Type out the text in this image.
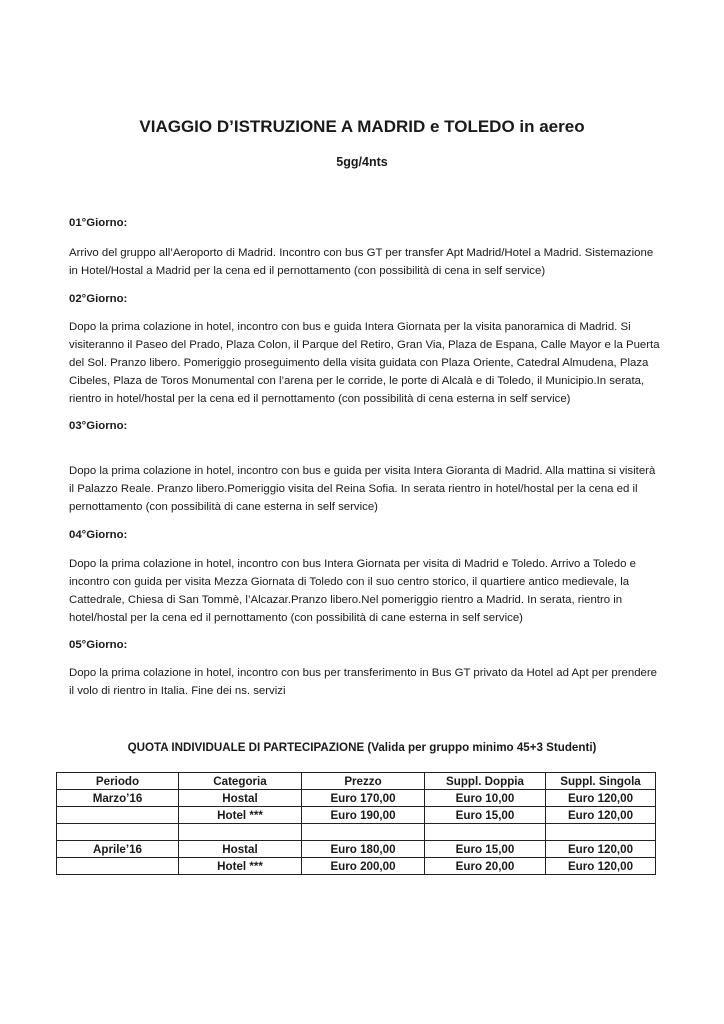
VIAGGIO D’ISTRUZIONE A MADRID e TOLEDO in aereo

5gg/4nts

01°Giorno:

Arrivo del gruppo all’Aeroporto di Madrid. Incontro con bus GT per transfer Apt Madrid/Hotel a Madrid. Sistemazione in Hotel/Hostal a Madrid per la cena ed il pernottamento (con possibilità di cena in self service)

02°Giorno:

Dopo la prima colazione in hotel, incontro con bus e guida Intera Giornata per la visita panoramica di Madrid. Si visiteranno il Paseo del Prado, Plaza Colon, il Parque del Retiro, Gran Via, Plaza de Espana, Calle Mayor e la Puerta del Sol. Pranzo libero. Pomeriggio proseguimento della visita guidata con Plaza Oriente, Catedral Almudena, Plaza Cibeles, Plaza de Toros Monumental con l’arena per le corride, le porte di Alcalà e di Toledo, il Municipio.In serata, rientro in hotel/hostal per la cena ed il pernottamento (con possibilità di cena esterna in self service)

03°Giorno:

Dopo la prima colazione in hotel, incontro con bus e guida per visita Intera Gioranta di Madrid. Alla mattina si visiterà il Palazzo Reale. Pranzo libero.Pomeriggio visita del Reina Sofia. In serata rientro in hotel/hostal per la cena ed il pernottamento (con possibilità di cane esterna in self service)

04°Giorno:

Dopo la prima colazione in hotel, incontro con bus Intera Giornata per visita di Madrid e Toledo. Arrivo a Toledo e incontro con guida per visita Mezza Giornata di Toledo con il suo centro storico, il quartiere antico medievale, la Cattedrale, Chiesa di San Tommè, l’Alcazar.Pranzo libero.Nel pomeriggio rientro a Madrid. In serata, rientro in hotel/hostal per la cena ed il pernottamento (con possibilità di cane esterna in self service)

05°Giorno:

Dopo la prima colazione in hotel, incontro con bus per transferimento in Bus GT privato da Hotel ad Apt per prendere il volo di rientro in Italia. Fine dei ns. servizi

QUOTA INDIVIDUALE DI PARTECIPAZIONE (Valida per gruppo minimo 45+3 Studenti)

Periodo	Categoria	Prezzo	Suppl. Doppia	Suppl. Singola
Marzo’16	Hostal	Euro 170,00	Euro 10,00	Euro 120,00
	Hotel ***	Euro 190,00	Euro 15,00	Euro 120,00

Aprile’16	Hostal	Euro 180,00	Euro 15,00	Euro 120,00
	Hotel ***	Euro 200,00	Euro 20,00	Euro 120,00
